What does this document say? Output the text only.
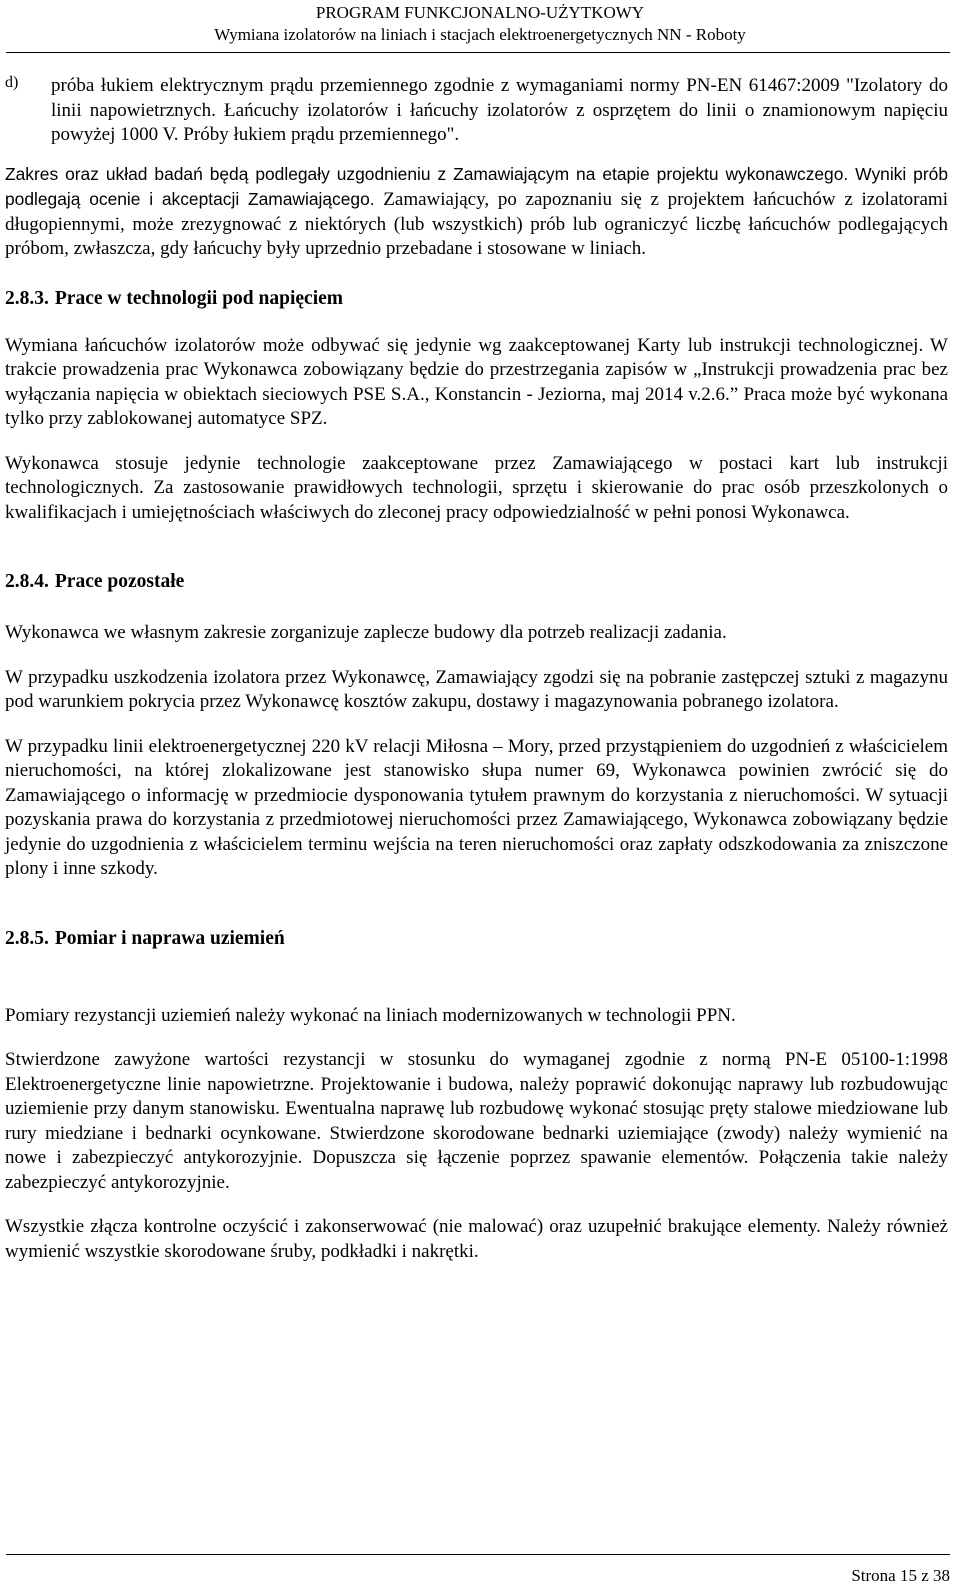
PROGRAM FUNKCJONALNO-UŻYTKOWY
Wymiana izolatorów na liniach i stacjach elektroenergetycznych NN - Roboty
d)	próba łukiem elektrycznym prądu przemiennego zgodnie z wymaganiami normy PN-EN 61467:2009 "Izolatory do linii napowietrznych. Łańcuchy izolatorów i łańcuchy izolatorów z osprzętem do linii o znamionowym napięciu powyżej 1000 V. Próby łukiem prądu przemiennego".

Zakres oraz układ badań będą podlegały uzgodnieniu z Zamawiającym na etapie projektu wykonawczego. Wyniki prób podlegają ocenie i akceptacji Zamawiającego. Zamawiający, po zapoznaniu się z projektem łańcuchów z izolatorami długopiennymi, może zrezygnować z niektórych (lub wszystkich) prób lub ograniczyć liczbę łańcuchów podlegających próbom, zwłaszcza, gdy łańcuchy były uprzednio przebadane i stosowane w liniach.

2.8.3. Prace w technologii pod napięciem

Wymiana łańcuchów izolatorów może odbywać się jedynie wg zaakceptowanej Karty lub instrukcji technologicznej. W trakcie prowadzenia prac Wykonawca zobowiązany będzie do przestrzegania zapisów w „Instrukcji prowadzenia prac bez wyłączania napięcia w obiektach sieciowych PSE S.A., Konstancin - Jeziorna, maj 2014 v.2.6.” Praca może być wykonana tylko przy zablokowanej automatyce SPZ.

Wykonawca stosuje jedynie technologie zaakceptowane przez Zamawiającego w postaci kart lub instrukcji technologicznych. Za zastosowanie prawidłowych technologii, sprzętu i skierowanie do prac osób przeszkolonych o kwalifikacjach i umiejętnościach właściwych do zleconej pracy odpowiedzialność w pełni ponosi Wykonawca.

2.8.4. Prace pozostałe

Wykonawca we własnym zakresie zorganizuje zaplecze budowy dla potrzeb realizacji zadania.

W przypadku uszkodzenia izolatora przez Wykonawcę, Zamawiający zgodzi się na pobranie zastępczej sztuki z magazynu pod warunkiem pokrycia przez Wykonawcę kosztów zakupu, dostawy i magazynowania pobranego izolatora.

W przypadku linii elektroenergetycznej 220 kV relacji Miłosna – Mory, przed przystąpieniem do uzgodnień z właścicielem nieruchomości, na której zlokalizowane jest stanowisko słupa numer 69, Wykonawca powinien zwrócić się do Zamawiającego o informację w przedmiocie dysponowania tytułem prawnym do korzystania z nieruchomości. W sytuacji pozyskania prawa do korzystania z przedmiotowej nieruchomości przez Zamawiającego, Wykonawca zobowiązany będzie jedynie do uzgodnienia z właścicielem terminu wejścia na teren nieruchomości oraz zapłaty odszkodowania za zniszczone plony i inne szkody.

2.8.5. Pomiar i naprawa uziemień

Pomiary rezystancji uziemień należy wykonać na liniach modernizowanych w technologii PPN.

Stwierdzone zawyżone wartości rezystancji w stosunku do wymaganej zgodnie z normą PN-E 05100-1:1998 Elektroenergetyczne linie napowietrzne. Projektowanie i budowa, należy poprawić dokonując naprawy lub rozbudowując uziemienie przy danym stanowisku. Ewentualna naprawę lub rozbudowę wykonać stosując pręty stalowe miedziowane lub rury miedziane i bednarki ocynkowane. Stwierdzone skorodowane bednarki uziemiające (zwody) należy wymienić na nowe i zabezpieczyć antykorozyjnie. Dopuszcza się łączenie poprzez spawanie elementów. Połączenia takie należy zabezpieczyć antykorozyjnie.

Wszystkie złącza kontrolne oczyścić i zakonserwować (nie malować) oraz uzupełnić brakujące elementy. Należy również wymienić wszystkie skorodowane śruby, podkładki i nakrętki.

Strona 15 z 38
